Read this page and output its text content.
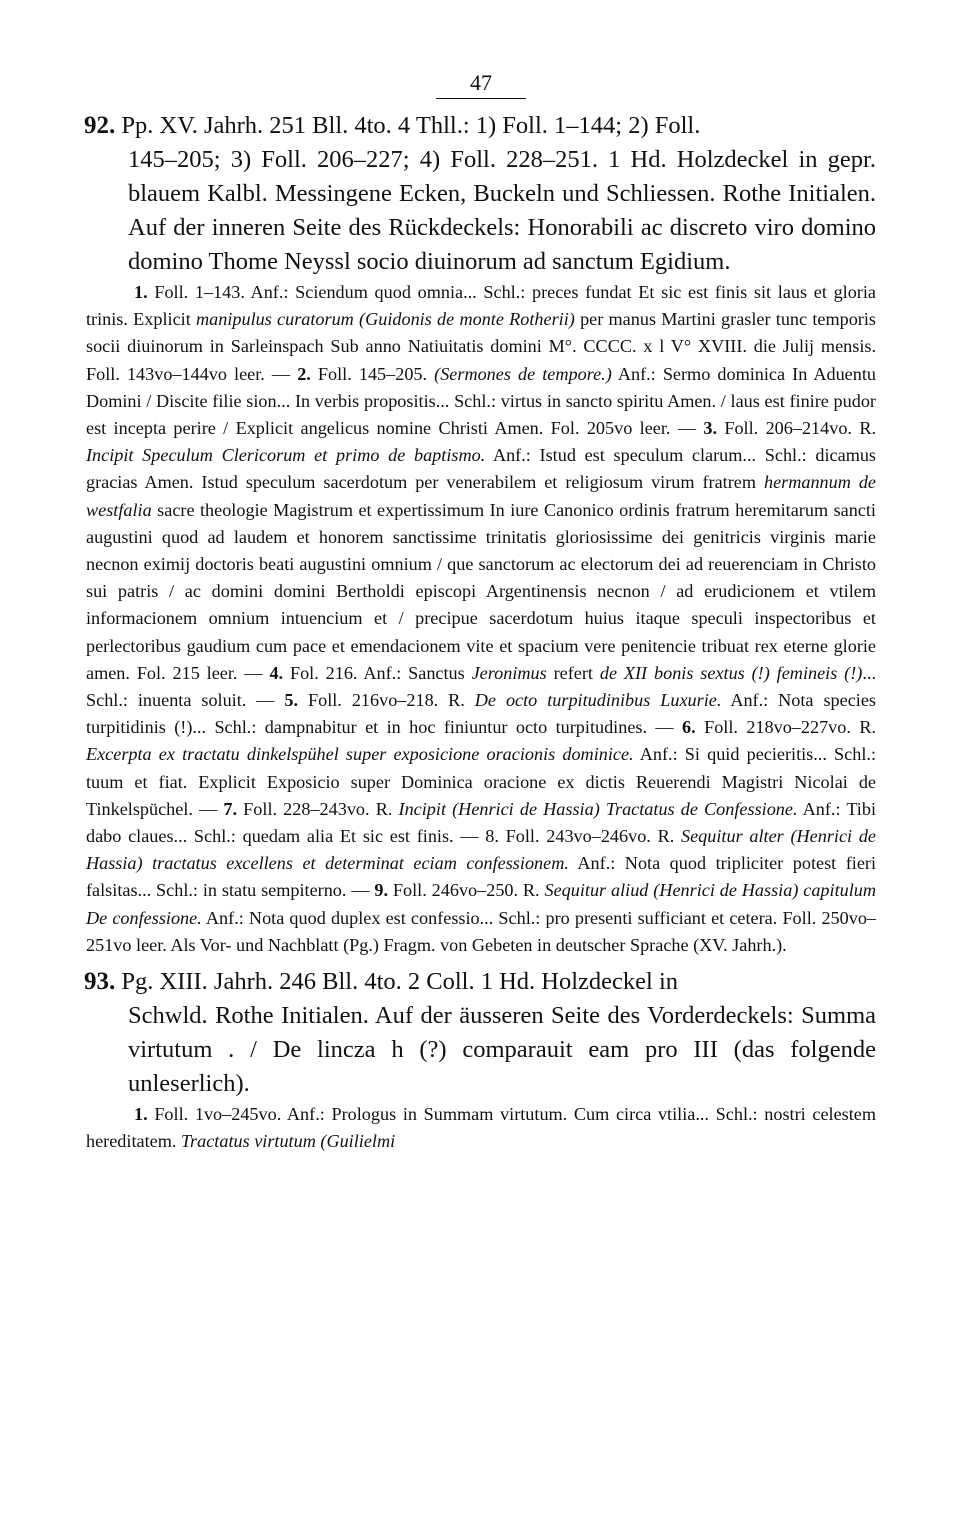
47

92. Pp. XV. Jahrh. 251 Bll. 4to. 4 Thll.: 1) Foll. 1–144; 2) Foll.
145–205; 3) Foll. 206–227; 4) Foll. 228–251. 1 Hd. Holzdeckel in gepr. blauem Kalbl. Messingene Ecken, Buckeln und Schliessen. Rothe Initialen. Auf der inneren Seite des Rückdeckels: Honorabili ac discreto viro domino domino Thome Neyssl socio diuinorum ad sanctum Egidium.

1. Foll. 1–143. Anf.: Sciendum quod omnia... Schl.: preces fundat Et sic est finis sit laus et gloria trinis. Explicit manipulus curatorum (Guidonis de monte Rotherii) per manus Martini grasler tunc temporis socii diuinorum in Sarleinspach Sub anno Natiuitatis domini M°. CCCC. x l V° XVIII. die Julij mensis. Foll. 143vo–144vo leer. — 2. Foll. 145–205. (Sermones de tempore.) Anf.: Sermo dominica In Aduentu Domini / Discite filie sion... In verbis propositis... Schl.: virtus in sancto spiritu Amen. / laus est finire pudor est incepta perire / Explicit angelicus nomine Christi Amen. Fol. 205vo leer. — 3. Foll. 206–214vo. R. Incipit Speculum Clericorum et primo de baptismo. Anf.: Istud est speculum clarum... Schl.: dicamus gracias Amen. Istud speculum sacerdotum per venerabilem et religiosum virum fratrem hermannum de westfalia sacre theologie Magistrum et expertissimum In iure Canonico ordinis fratrum heremitarum sancti augustini quod ad laudem et honorem sanctissime trinitatis gloriosissime dei genitricis virginis marie necnon eximij doctoris beati augustini omnium / que sanctorum ac electorum dei ad reuerenciam in Christo sui patris / ac domini domini Bertholdi episcopi Argentinensis necnon / ad erudicionem et vtilem informacionem omnium intuencium et / precipue sacerdotum huius itaque speculi inspectoribus et perlectoribus gaudium cum pace et emendacionem vite et spacium vere penitencie tribuat rex eterne glorie amen. Fol. 215 leer. — 4. Fol. 216. Anf.: Sanctus Jeronimus refert de XII bonis sextus (!) femineis (!)... Schl.: inuenta soluit. — 5. Foll. 216vo–218. R. De octo turpitudinibus Luxurie. Anf.: Nota species turpitidinis (!)... Schl.: dampnabitur et in hoc finiuntur octo turpitudines. — 6. Foll. 218vo–227vo. R. Excerpta ex tractatu dinkelspühel super exposicione oracionis dominice. Anf.: Si quid pecieritis... Schl.: tuum et fiat. Explicit Exposicio super Dominica oracione ex dictis Reuerendi Magistri Nicolai de Tinkelspüchel. — 7. Foll. 228–243vo. R. Incipit (Henrici de Hassia) Tractatus de Confessione. Anf.: Tibi dabo claues... Schl.: quedam alia Et sic est finis. — 8. Foll. 243vo–246vo. R. Sequitur alter (Henrici de Hassia) tractatus excellens et determinat eciam confessionem. Anf.: Nota quod tripliciter potest fieri falsitas... Schl.: in statu sempiterno. — 9. Foll. 246vo–250. R. Sequitur aliud (Henrici de Hassia) capitulum De confessione. Anf.: Nota quod duplex est confessio... Schl.: pro presenti sufficiant et cetera. Foll. 250vo–251vo leer. Als Vor- und Nachblatt (Pg.) Fragm. von Gebeten in deutscher Sprache (XV. Jahrh.).

93. Pg. XIII. Jahrh. 246 Bll. 4to. 2 Coll. 1 Hd. Holzdeckel in
Schwld. Rothe Initialen. Auf der äusseren Seite des Vorderdeckels: Summa virtutum . / De lincza h (?) comparauit eam pro III (das folgende unleserlich).

1. Foll. 1vo–245vo. Anf.: Prologus in Summam virtutum. Cum circa vtilia... Schl.: nostri celestem hereditatem. Tractatus virtutum (Guilielmi
